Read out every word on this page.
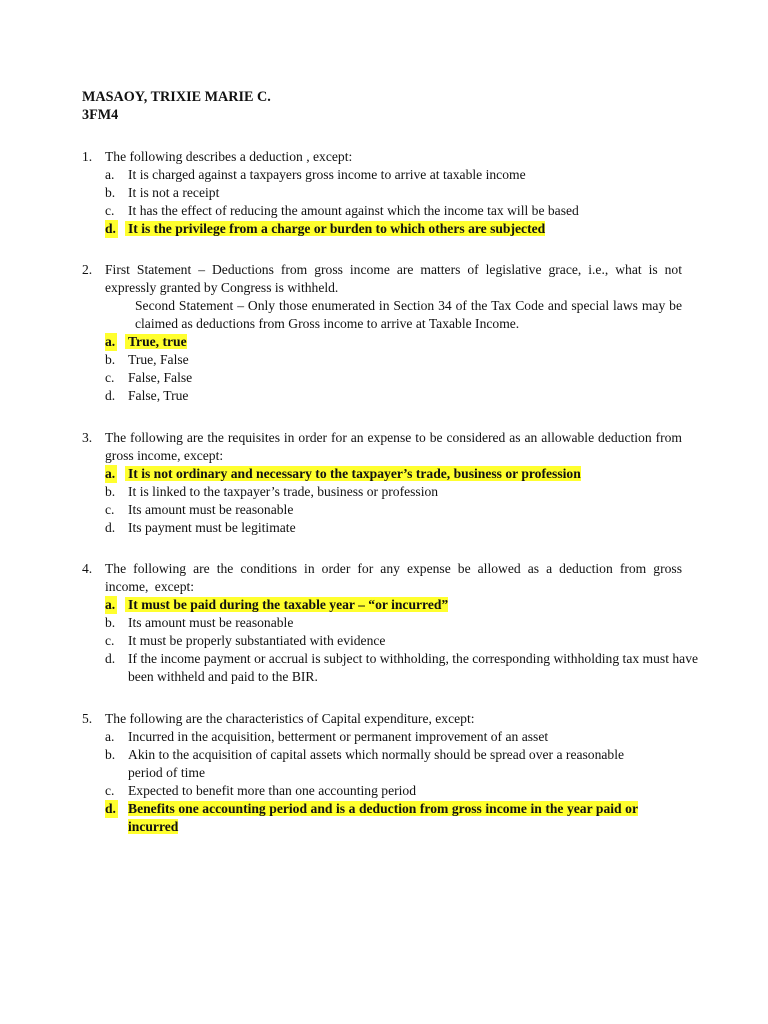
MASAOY, TRIXIE MARIE C.
3FM4
1. The following describes a deduction , except:
a. It is charged against a taxpayers gross income to arrive at taxable income
b. It is not a receipt
c. It has the effect of reducing the amount against which the income tax will be based
d. It is the privilege from a charge or burden to which others are subjected
2. First Statement – Deductions from gross income are matters of legislative grace, i.e., what is not expressly granted by Congress is withheld.
Second Statement – Only those enumerated in Section 34 of the Tax Code and special laws may be claimed as deductions from Gross income to arrive at Taxable Income.
a. True, true
b. True, False
c. False, False
d. False, True
3. The following are the requisites in order for an expense to be considered as an allowable deduction from gross income, except:
a. It is not ordinary and necessary to the taxpayer’s trade, business or profession
b. It is linked to the taxpayer’s trade, business or profession
c. Its amount must be reasonable
d. Its payment must be legitimate
4. The following are the conditions in order for any expense be allowed as a deduction from gross income, except:
a. It must be paid during the taxable year – “or incurred”
b. Its amount must be reasonable
c. It must be properly substantiated with evidence
d. If the income payment or accrual is subject to withholding, the corresponding withholding tax must have been withheld and paid to the BIR.
5. The following are the characteristics of Capital expenditure, except:
a. Incurred in the acquisition, betterment or permanent improvement of an asset
b. Akin to the acquisition of capital assets which normally should be spread over a reasonable period of time
c. Expected to benefit more than one accounting period
d. Benefits one accounting period and is a deduction from gross income in the year paid or incurred
